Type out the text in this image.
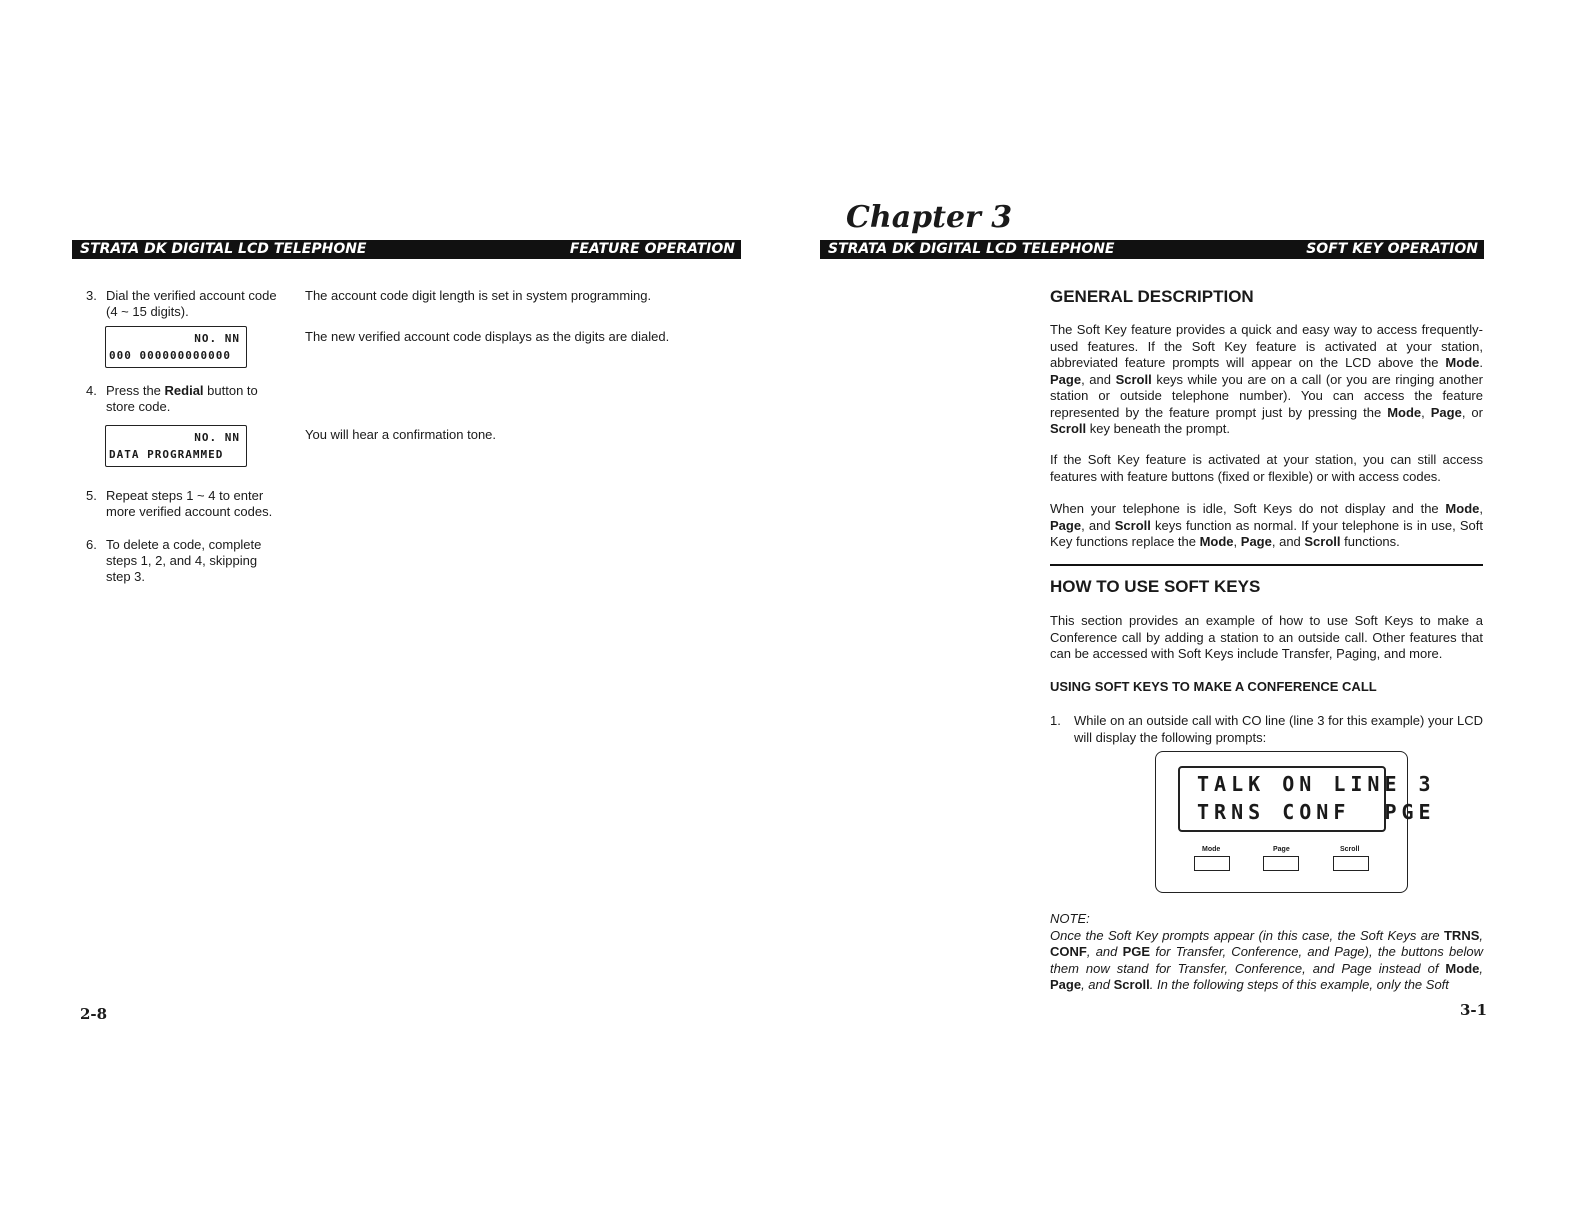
STRATA DK DIGITAL LCD TELEPHONE	FEATURE OPERATION
3. Dial the verified account code
(4 ~ 15 digits).
NO. NN
000 000000000000
4. Press the Redial button to
store code.
NO. NN
DATA PROGRAMMED
5. Repeat steps 1 ~ 4 to enter
more verified account codes.
6. To delete a code, complete
steps 1, 2, and 4, skipping
step 3.
The account code digit length is set in system programming.
The new verified account code displays as the digits are dialed.
You will hear a confirmation tone.
2-8
Chapter 3
STRATA DK DIGITAL LCD TELEPHONE	SOFT KEY OPERATION
GENERAL DESCRIPTION
The Soft Key feature provides a quick and easy way to access frequently-used features. If the Soft Key feature is activated at your station, abbreviated feature prompts will appear on the LCD above the Mode. Page, and Scroll keys while you are on a call (or you are ringing another station or outside telephone number). You can access the feature represented by the feature prompt just by pressing the Mode, Page, or Scroll key beneath the prompt.
If the Soft Key feature is activated at your station, you can still access features with feature buttons (fixed or flexible) or with access codes.
When your telephone is idle, Soft Keys do not display and the Mode, Page, and Scroll keys function as normal. If your telephone is in use, Soft Key functions replace the Mode, Page, and Scroll functions.
HOW TO USE SOFT KEYS
This section provides an example of how to use Soft Keys to make a Conference call by adding a station to an outside call. Other features that can be accessed with Soft Keys include Transfer, Paging, and more.
USING SOFT KEYS TO MAKE A CONFERENCE CALL
1. While on an outside call with CO line (line 3 for this example) your LCD will display the following prompts:
TALK ON LINE 3
TRNS CONF  PGE
Mode	Page	Scroll
NOTE:
Once the Soft Key prompts appear (in this case, the Soft Keys are TRNS, CONF, and PGE for Transfer, Conference, and Page), the buttons below them now stand for Transfer, Conference, and Page instead of Mode, Page, and Scroll. In the following steps of this example, only the Soft
3-1
